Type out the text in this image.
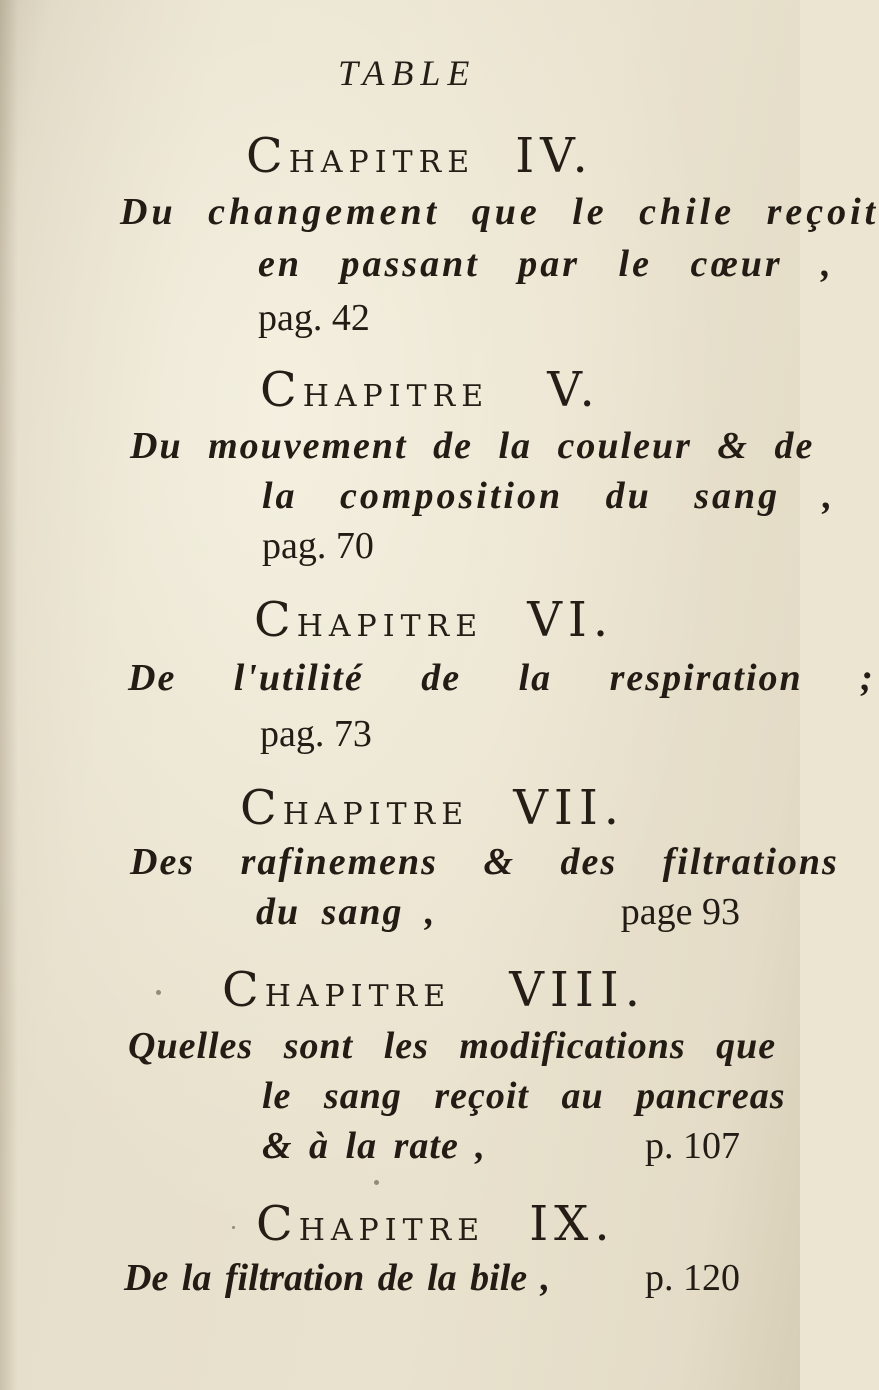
TABLE
CHAPITRE IV.
Du changement que le chile reçoit
en passant par le cœur ,
pag. 42
CHAPITRE V.
Du mouvement de la couleur & de
la composition du sang ,
pag. 70
CHAPITRE VI.
De l'utilité de la respiration ;
pag. 73
CHAPITRE VII.
Des rafinemens & des filtrations
du sang ,	page 93
CHAPITRE VIII.
Quelles sont les modifications que
le sang reçoit au pancreas
& à la rate ,	p. 107
CHAPITRE IX.
De la filtration de la bile ,	p. 120
